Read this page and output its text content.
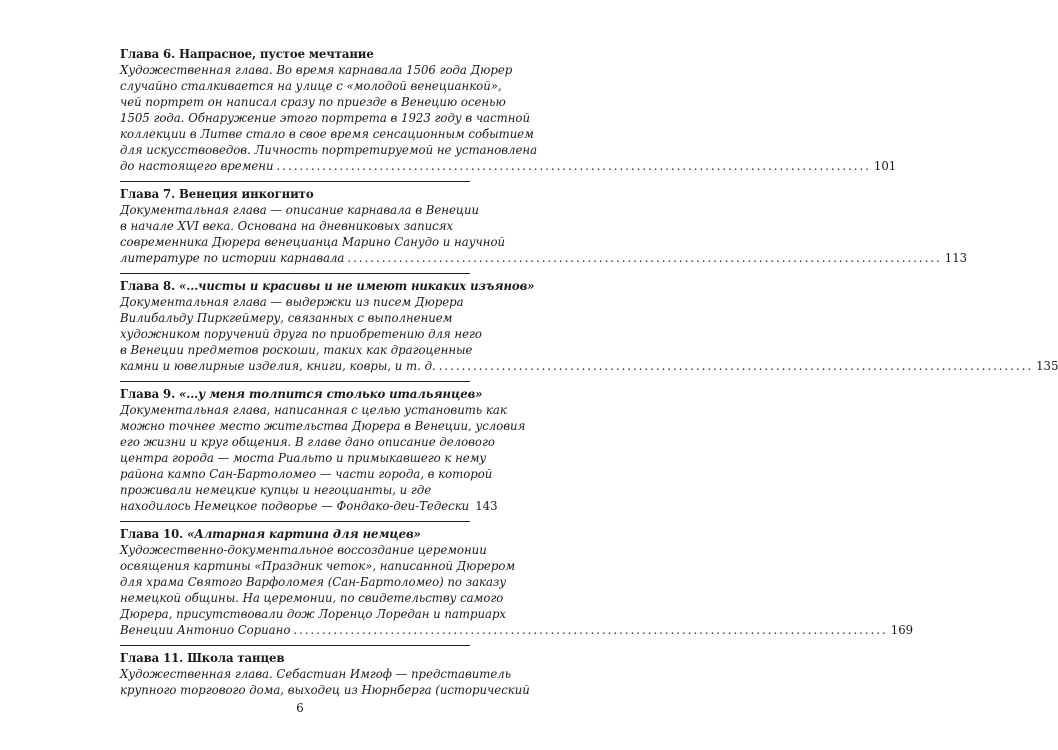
Глава 6. Напрасное, пустое мечтание
Художественная глава. Во время карнавала 1506 года Дюрер
случайно сталкивается на улице с «молодой венецианкой»,
чей портрет он написал сразу по приезде в Венецию осенью
1505 года. Обнаружение этого портрета в 1923 году в частной
коллекции в Литве стало в свое время сенсационным событием
для искусствоведов. Личность портретируемой не установлена
до настоящего времени ........................................................................................................ 101
Глава 7. Венеция инкогнито
Документальная глава — описание карнавала в Венеции
в начале XVI века. Основана на дневниковых записях
современника Дюрера венецианца Марино Санудо и научной
литературе по истории карнавала ........................................................................................................ 113
Глава 8. «...чисты и красивы и не имеют никаких изъянов»
Документальная глава — выдержки из писем Дюрера
Вилибальду Пиркгеймеру, связанных с выполнением
художником поручений друга по приобретению для него
в Венеции предметов роскоши, таких как драгоценные
камни и ювелирные изделия, книги, ковры, и т. д. ........................................................................................................ 135
Глава 9. «...у меня толпится столько итальянцев»
Документальная глава, написанная с целью установить как
можно точнее место жительства Дюрера в Венеции, условия
его жизни и круг общения. В главе дано описание делового
центра города — моста Риальто и примыкавшего к нему
района кампо Сан-Бартоломео — части города, в которой
проживали немецкие купцы и негоцианты, и где
находилось Немецкое подворье — Фондако-деи-Тедески 143
Глава 10. «Алтарная картина для немцев»
Художественно-документальное воссоздание церемонии
освящения картины «Праздник четок», написанной Дюрером
для храма Святого Варфоломея (Сан-Бартоломео) по заказу
немецкой общины. На церемонии, по свидетельству самого
Дюрера, присутствовали дож Лоренцо Лоредан и патриарх
Венеции Антонио Сориано ........................................................................................................ 169
Глава 11. Школа танцев
Художественная глава. Себастиан Имгоф — представитель
крупного торгового дома, выходец из Нюрнберга (исторический
6
